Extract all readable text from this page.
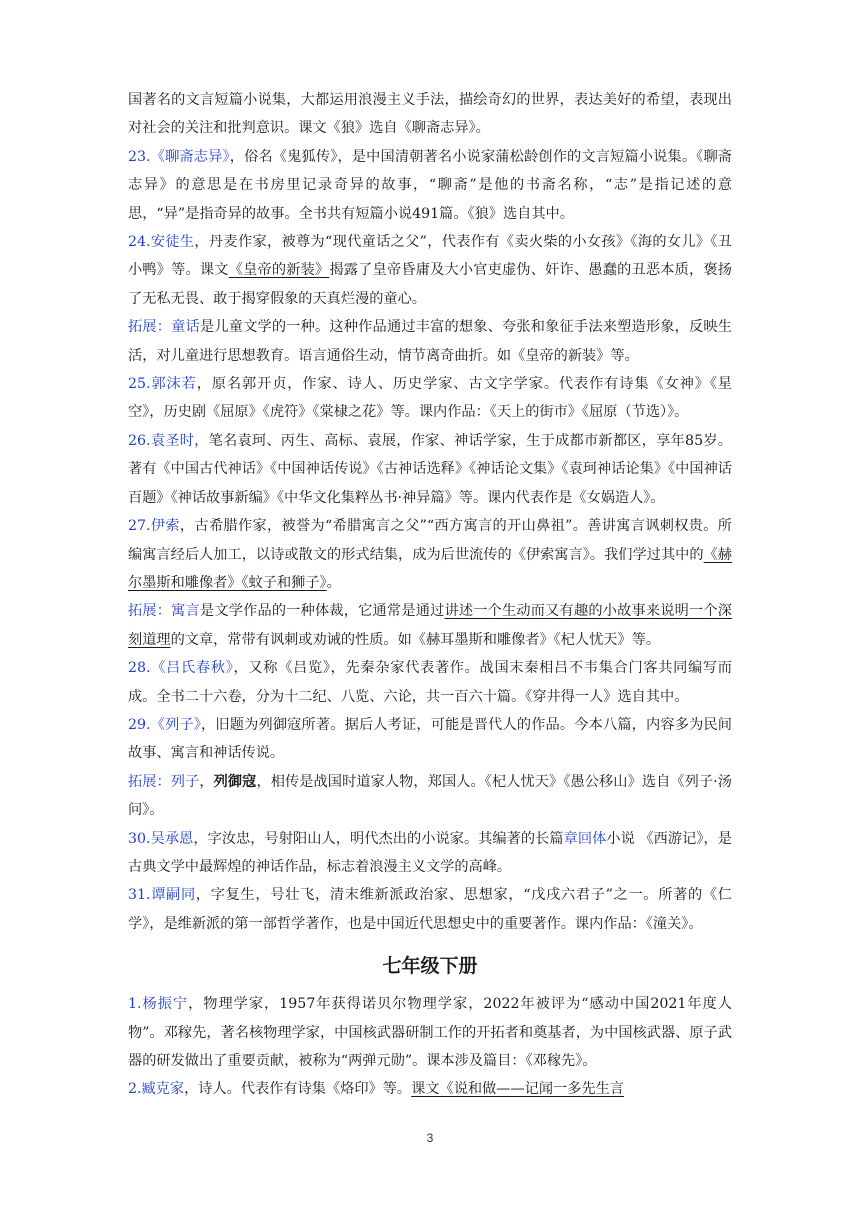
国著名的文言短篇小说集，大都运用浪漫主义手法，描绘奇幻的世界，表达美好的希望，表现出对社会的关注和批判意识。课文《狼》选自《聊斋志异》。

23.《聊斋志异》，俗名《鬼狐传》，是中国清朝著名小说家蒲松龄创作的文言短篇小说集。《聊斋志异》的意思是在书房里记录奇异的故事，“聊斋”是他的书斋名称，“志”是指记述的意思，“异”是指奇异的故事。全书共有短篇小说491篇。《狼》选自其中。

24.安徒生，丹麦作家，被尊为“现代童话之父”，代表作有《卖火柴的小女孩》《海的女儿》《丑小鸭》等。课文《皇帝的新装》揭露了皇帝昏庸及大小官吏虚伪、奸诈、愚蠢的丑恶本质，褒扬了无私无畏、敢于揭穿假象的天真烂漫的童心。

拓展：童话是儿童文学的一种。这种作品通过丰富的想象、夸张和象征手法来塑造形象，反映生活，对儿童进行思想教育。语言通俗生动，情节离奇曲折。如《皇帝的新装》等。

25.郭沫若，原名郭开贞，作家、诗人、历史学家、古文字学家。代表作有诗集《女神》《星空》，历史剧《屈原》《虎符》《棠棣之花》等。课内作品：《天上的街市》《屈原（节选）》。

26.袁圣时，笔名袁珂、丙生、高标、袁展，作家、神话学家，生于成都市新都区，享年85岁。著有《中国古代神话》《中国神话传说》《古神话选释》《神话论文集》《袁珂神话论集》《中国神话百题》《神话故事新编》《中华文化集粹丛书·神异篇》等。课内代表作是《女娲造人》。

27.伊索，古希腊作家，被誉为“希腊寓言之父”“西方寓言的开山鼻祖”。善讲寓言讽刺权贵。所编寓言经后人加工，以诗或散文的形式结集，成为后世流传的《伊索寓言》。我们学过其中的《赫尔墨斯和雕像者》《蚊子和狮子》。

拓展：寓言是文学作品的一种体裁，它通常是通过讲述一个生动而又有趣的小故事来说明一个深刻道理的文章，常带有讽刺或劝诫的性质。如《赫耳墨斯和雕像者》《杞人忧天》等。

28.《吕氏春秋》，又称《吕览》，先秦杂家代表著作。战国末秦相吕不韦集合门客共同编写而成。全书二十六卷，分为十二纪、八览、六论，共一百六十篇。《穿井得一人》选自其中。

29.《列子》，旧题为列御寇所著。据后人考证，可能是晋代人的作品。今本八篇，内容多为民间故事、寓言和神话传说。

拓展：列子，列御寇，相传是战国时道家人物，郑国人。《杞人忧天》《愚公移山》选自《列子·汤问》。

30.吴承恩，字汝忠，号射阳山人，明代杰出的小说家。其编著的长篇章回体小说 《西游记》，是古典文学中最辉煌的神话作品，标志着浪漫主义文学的高峰。

31.谭嗣同，字复生，号壮飞，清末维新派政治家、思想家，“戊戌六君子”之一。所著的《仁学》，是维新派的第一部哲学著作，也是中国近代思想史中的重要著作。课内作品：《潼关》。

七年级下册

1.杨振宁，物理学家，1957年获得诺贝尔物理学家，2022年被评为“感动中国2021年度人物”。邓稼先，著名核物理学家，中国核武器研制工作的开拓者和奠基者，为中国核武器、原子武器的研发做出了重要贡献，被称为“两弹元勋”。课本涉及篇目：《邓稼先》。

2.臧克家，诗人。代表作有诗集《烙印》等。课文《说和做——记闻一多先生言

3
